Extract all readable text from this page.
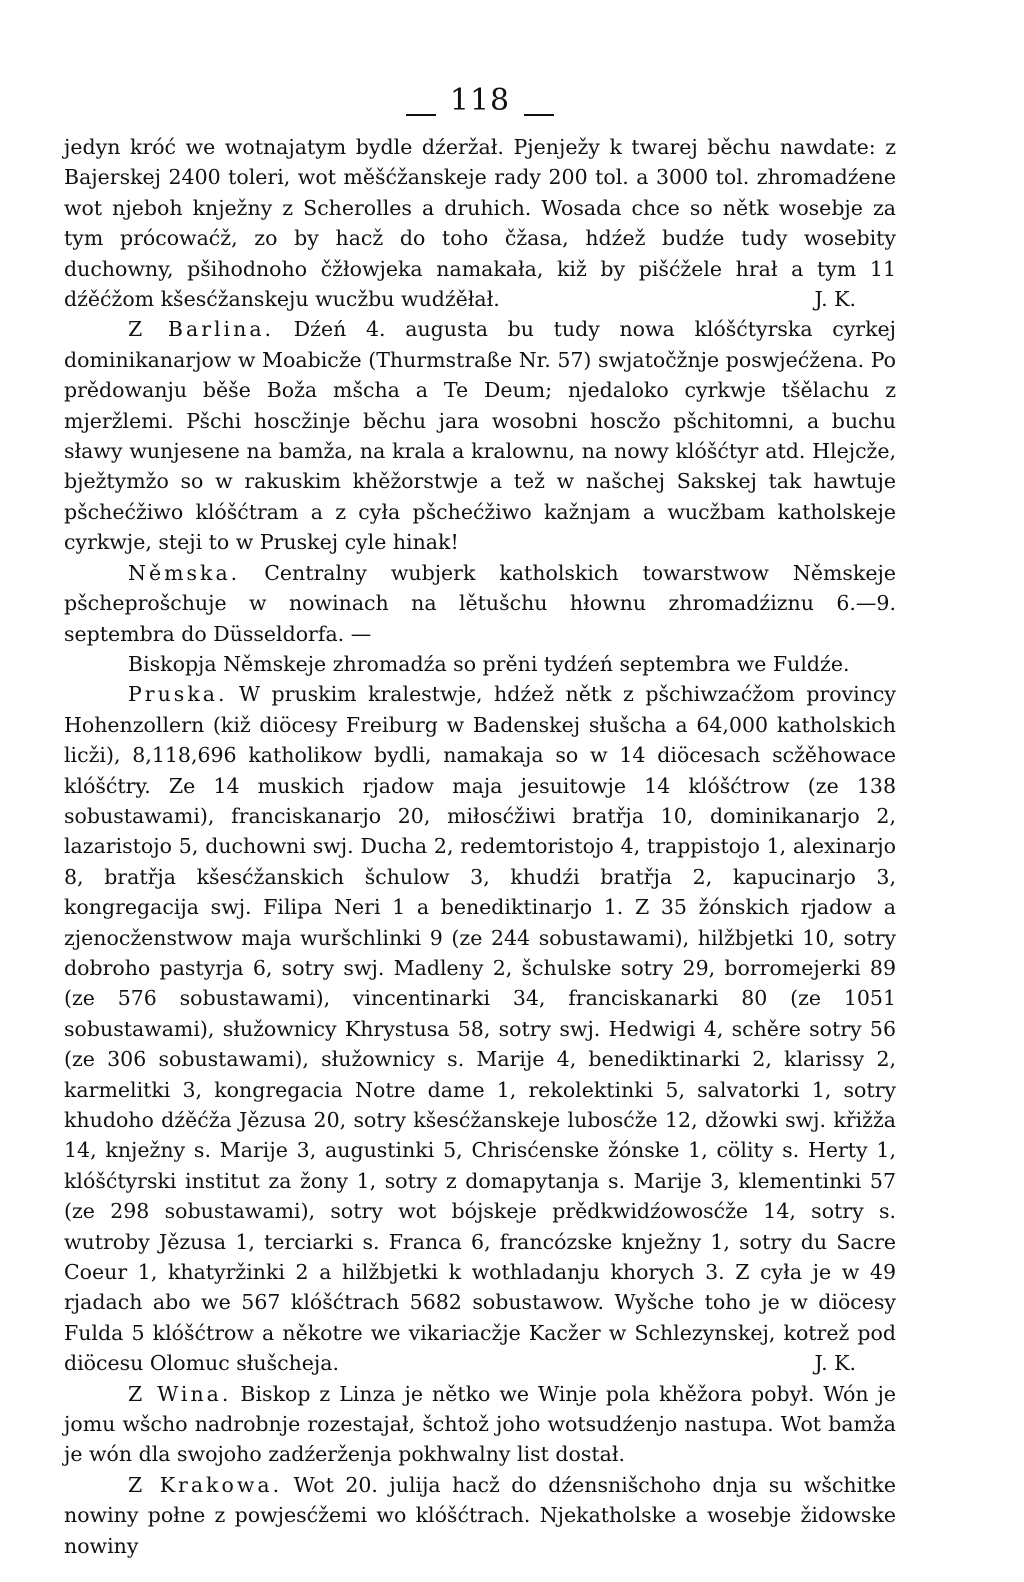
118

jedyn króć we wotnajatym bydle dźeržał. Pjenježy k twarej běchu nawdate: z Bajerskej 2400 toleri, wot měšćžanskeje rady 200 tol. a 3000 tol. zhromadźene wot njeboh knježny z Scherolles a druhich. Wosada chce so nětk wosebje za tym prócowaćž, zo by hacž do toho čžasa, hdźež budźe tudy wosebity duchowny, pšihodnoho čžłowjeka namakała, kiž by pišćžele hrał a tym 11 dźěćžom kšesćžanskeju wucžbu wudźěłał.	J. K.

Z Barlina. Dźeń 4. augusta bu tudy nowa klóšćtyrska cyrkej dominikanarjow w Moabicže (Thurmstraße Nr. 57) swjatočžnje poswjećžena. Po prědowanju běše Boža mšcha a Te Deum; njedaloko cyrkwje tšělachu z mjeržlemi. Pšchi hoscžinje běchu jara wosobni hoscžo pšchitomni, a buchu sławy wunjesene na bamža, na krala a kralownu, na nowy klóšćtyr atd. Hlejcže, bježtymžo so w rakuskim khěžorstwje a tež w našchej Sakskej tak hawtuje pšchećžiwo klóšćtram a z cyła pšchećžiwo kažnjam a wucžbam katholskeje cyrkwje, steji to w Pruskej cyle hinak!

Němska. Centralny wubjerk katholskich towarstwow Němskeje pšcheprošchuje w nowinach na lětušchu hłownu zhromadźiznu 6.—9. septembra do Düsseldorfa. —

Biskopja Němskeje zhromadźa so prěni tydźeń septembra we Fuldźe.

Pruska. W pruskim kralestwje, hdźež nětk z pšchiwzaćžom provincy Hohenzollern (kiž diöcesy Freiburg w Badenskej słušcha a 64,000 katholskich licži), 8,118,696 katholikow bydli, namakaja so w 14 diöcesach scžěhowace klóšćtry. Ze 14 muskich rjadow maja jesuitowje 14 klóšćtrow (ze 138 sobustawami), franciskanarjo 20, miłosćžiwi bratřja 10, dominikanarjo 2, lazaristojo 5, duchowni swj. Ducha 2, redemtoristojo 4, trappistojo 1, alexinarjo 8, bratřja kšesćžanskich šchulow 3, khudźi bratřja 2, kapucinarjo 3, kongregacija swj. Filipa Neri 1 a benediktinarjo 1. Z 35 žónskich rjadow a zjenocženstwow maja wuršchlinki 9 (ze 244 sobustawami), hilžbjetki 10, sotry dobroho pastyrja 6, sotry swj. Madleny 2, šchulske sotry 29, borromejerki 89 (ze 576 sobustawami), vincentinarki 34, franciskanarki 80 (ze 1051 sobustawami), słužownicy Khrystusa 58, sotry swj. Hedwigi 4, schěre sotry 56 (ze 306 sobustawami), słužownicy s. Marije 4, benediktinarki 2, klarissy 2, karmelitki 3, kongregacia Notre dame 1, rekolektinki 5, salvatorki 1, sotry khudoho dźěćža Jězusa 20, sotry kšesćžanskeje lubosćže 12, džowki swj. křižža 14, knježny s. Marije 3, augustinki 5, Chrisćenske žónske 1, cölity s. Herty 1, klóšćtyrski institut za žony 1, sotry z domapytanja s. Marije 3, klementinki 57 (ze 298 sobustawami), sotry wot bójskeje prědkwidźowosćže 14, sotry s. wutroby Jězusa 1, terciarki s. Franca 6, francózske knježny 1, sotry du Sacre Coeur 1, khatyržinki 2 a hilžbjetki k wothladanju khorych 3. Z cyła je w 49 rjadach abo we 567 klóšćtrach 5682 sobustawow. Wyšche toho je w diöcesy Fulda 5 klóšćtrow a někotre we vikariacžje Kacžer w Schlezynskej, kotrež pod diöcesu Olomuc słušcheja.	J. K.

Z Wina. Biskop z Linza je nětko we Winje pola khěžora pobył. Wón je jomu wšcho nadrobnje rozestajał, šchtož joho wotsudźenjo nastupa. Wot bamža je wón dla swojoho zadźerženja pokhwalny list dostał.

Z Krakowa. Wot 20. julija hacž do dźensnišchoho dnja su wšchitke nowiny połne z powjesćžemi wo klóšćtrach. Njekatholske a wosebje židowske nowiny
